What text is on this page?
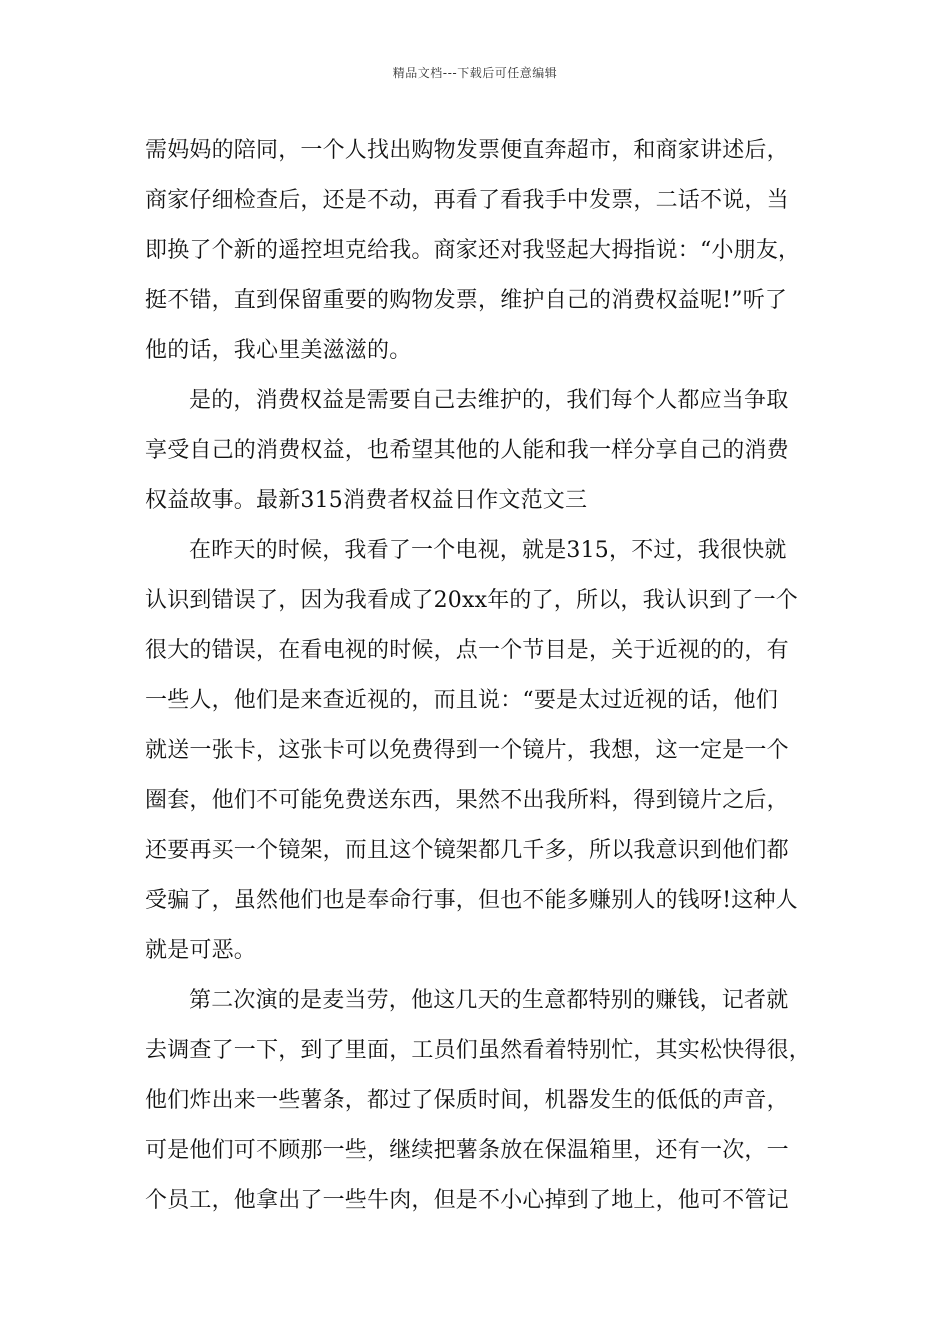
精品文档---下载后可任意编辑
需妈妈的陪同，一个人找出购物发票便直奔超市，和商家讲述后，
商家仔细检查后，还是不动，再看了看我手中发票，二话不说，当
即换了个新的遥控坦克给我。商家还对我竖起大拇指说：“小朋友，
挺不错，直到保留重要的购物发票，维护自己的消费权益呢!”听了
他的话，我心里美滋滋的。
是的，消费权益是需要自己去维护的，我们每个人都应当争取
享受自己的消费权益，也希望其他的人能和我一样分享自己的消费
权益故事。最新315消费者权益日作文范文三
在昨天的时候，我看了一个电视，就是315，不过，我很快就
认识到错误了，因为我看成了20xx年的了，所以，我认识到了一个
很大的错误，在看电视的时候，点一个节目是，关于近视的的，有
一些人，他们是来查近视的，而且说：“要是太过近视的话，他们
就送一张卡，这张卡可以免费得到一个镜片，我想，这一定是一个
圈套，他们不可能免费送东西，果然不出我所料，得到镜片之后，
还要再买一个镜架，而且这个镜架都几千多，所以我意识到他们都
受骗了，虽然他们也是奉命行事，但也不能多赚别人的钱呀!这种人
就是可恶。
第二次演的是麦当劳，他这几天的生意都特别的赚钱，记者就
去调查了一下，到了里面，工员们虽然看着特别忙，其实松快得很，
他们炸出来一些薯条，都过了保质时间，机器发生的低低的声音，
可是他们可不顾那一些，继续把薯条放在保温箱里，还有一次，一
个员工，他拿出了一些牛肉，但是不小心掉到了地上，他可不管记
